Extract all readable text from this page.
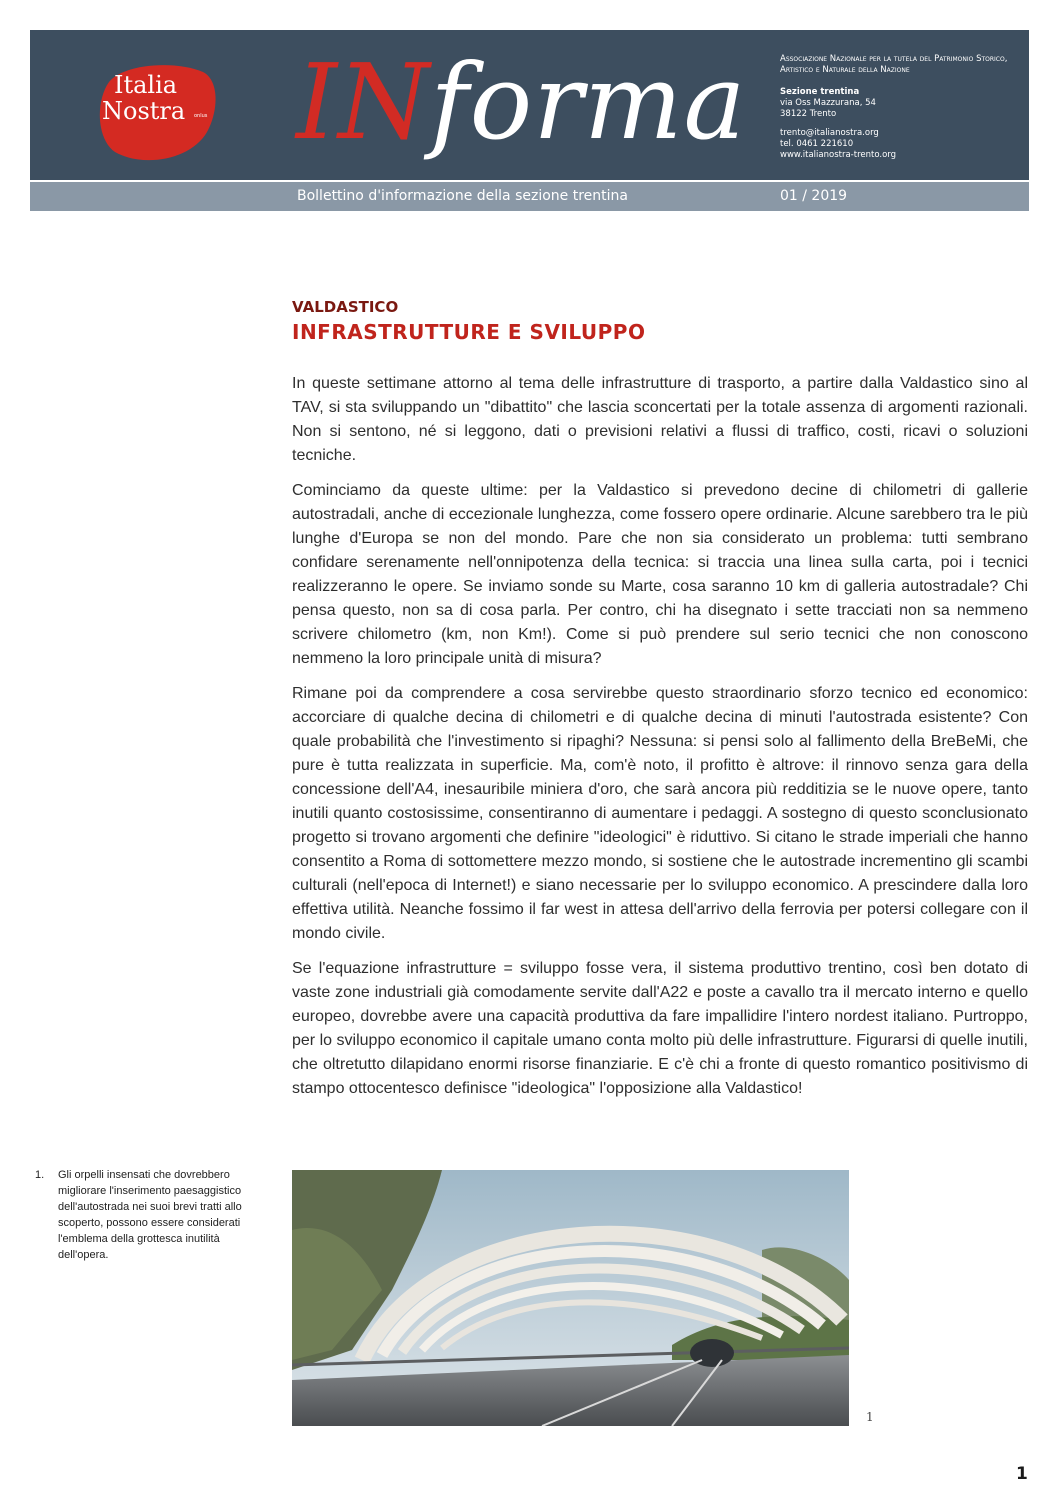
Italia
Nostra onlus INforma	Associazione Nazionale per la tutela del Patrimonio Storico, Artistico e Naturale della Nazione
Sezione trentina
via Oss Mazzurana, 54
38122 Trento
trento@italianostra.org
tel. 0461 221610
www.italianostra-trento.org
Bollettino d'informazione della sezione trentina	01 / 2019
VALDASTICO
INFRASTRUTTURE E SVILUPPO

In queste settimane attorno al tema delle infrastrutture di trasporto, a partire dalla Valdastico sino al TAV, si sta sviluppando un "dibattito" che lascia sconcertati per la totale assenza di argomenti razionali. Non si sentono, né si leggono, dati o previsioni relativi a flussi di traffico, costi, ricavi o soluzioni tecniche.

Cominciamo da queste ultime: per la Valdastico si prevedono decine di chilometri di gallerie autostradali, anche di eccezionale lunghezza, come fossero opere ordinarie. Alcune sarebbero tra le più lunghe d'Europa se non del mondo. Pare che non sia considerato un problema: tutti sembrano confidare serenamente nell'onnipotenza della tecnica: si traccia una linea sulla carta, poi i tecnici realizzeranno le opere. Se inviamo sonde su Marte, cosa saranno 10 km di galleria autostradale? Chi pensa questo, non sa di cosa parla. Per contro, chi ha disegnato i sette tracciati non sa nemmeno scrivere chilometro (km, non Km!). Come si può prendere sul serio tecnici che non conoscono nemmeno la loro principale unità di misura?

Rimane poi da comprendere a cosa servirebbe questo straordinario sforzo tecnico ed economico: accorciare di qualche decina di chilometri e di qualche decina di minuti l'autostrada esistente? Con quale probabilità che l'investimento si ripaghi? Nessuna: si pensi solo al fallimento della BreBeMi, che pure è tutta realizzata in superficie. Ma, com'è noto, il profitto è altrove: il rinnovo senza gara della concessione dell'A4, inesauribile miniera d'oro, che sarà ancora più redditizia se le nuove opere, tanto inutili quanto costosissime, consentiranno di aumentare i pedaggi. A sostegno di questo sconclusionato progetto si trovano argomenti che definire "ideologici" è riduttivo. Si citano le strade imperiali che hanno consentito a Roma di sottomettere mezzo mondo, si sostiene che le autostrade incrementino gli scambi culturali (nell'epoca di Internet!) e siano necessarie per lo sviluppo economico. A prescindere dalla loro effettiva utilità. Neanche fossimo il far west in attesa dell'arrivo della ferrovia per potersi collegare con il mondo civile.

Se l'equazione infrastrutture = sviluppo fosse vera, il sistema produttivo trentino, così ben dotato di vaste zone industriali già comodamente servite dall'A22 e poste a cavallo tra il mercato interno e quello europeo, dovrebbe avere una capacità produttiva da fare impallidire l'intero nordest italiano. Purtroppo, per lo sviluppo economico il capitale umano conta molto più delle infrastrutture. Figurarsi di quelle inutili, che oltretutto dilapidano enormi risorse finanziarie. E c'è chi a fronte di questo romantico positivismo di stampo ottocentesco definisce "ideologica" l'opposizione alla Valdastico!

1. Gli orpelli insensati che dovrebbero migliorare l'inserimento paesaggistico dell'autostrada nei suoi brevi tratti allo scoperto, possono essere considerati l'emblema della grottesca inutilità dell'opera.
1
1
